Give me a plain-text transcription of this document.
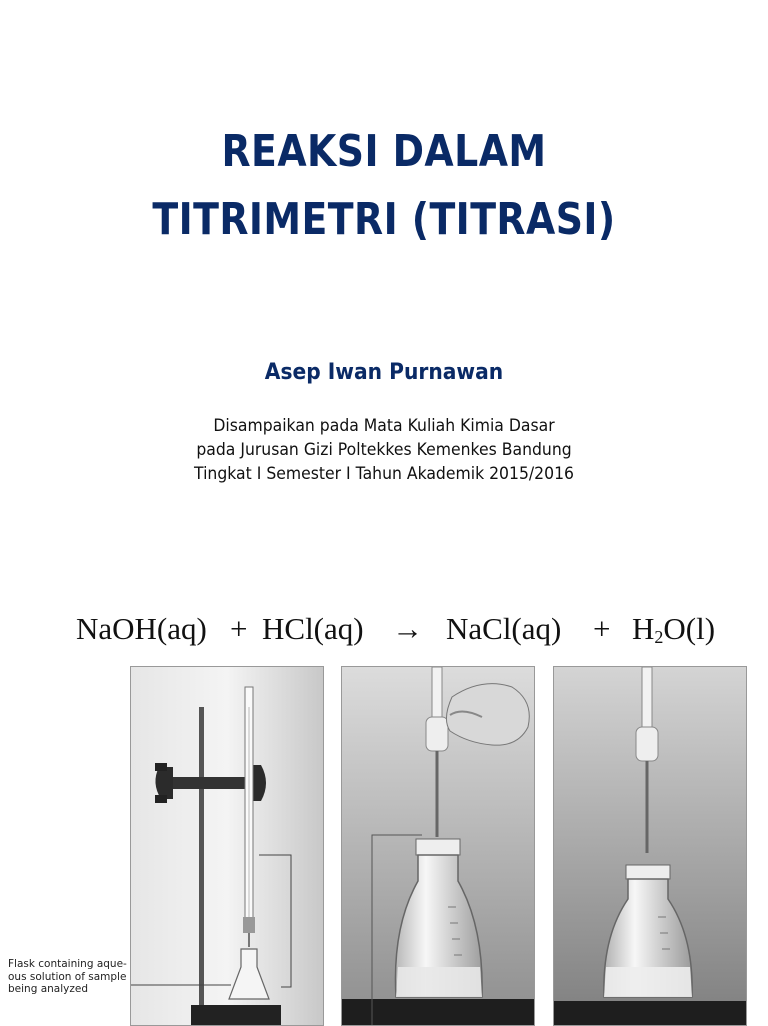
REAKSI DALAM
TITRIMETRI (TITRASI)
Asep Iwan Purnawan
Disampaikan pada Mata Kuliah Kimia Dasar
pada Jurusan Gizi Poltekkes Kemenkes Bandung
Tingkat I Semester I Tahun Akademik 2015/2016
NaOH(aq) + HCl(aq) → NaCl(aq) + $H_2O(l)$
Flask containing aque-
ous solution of sample
being analyzed
